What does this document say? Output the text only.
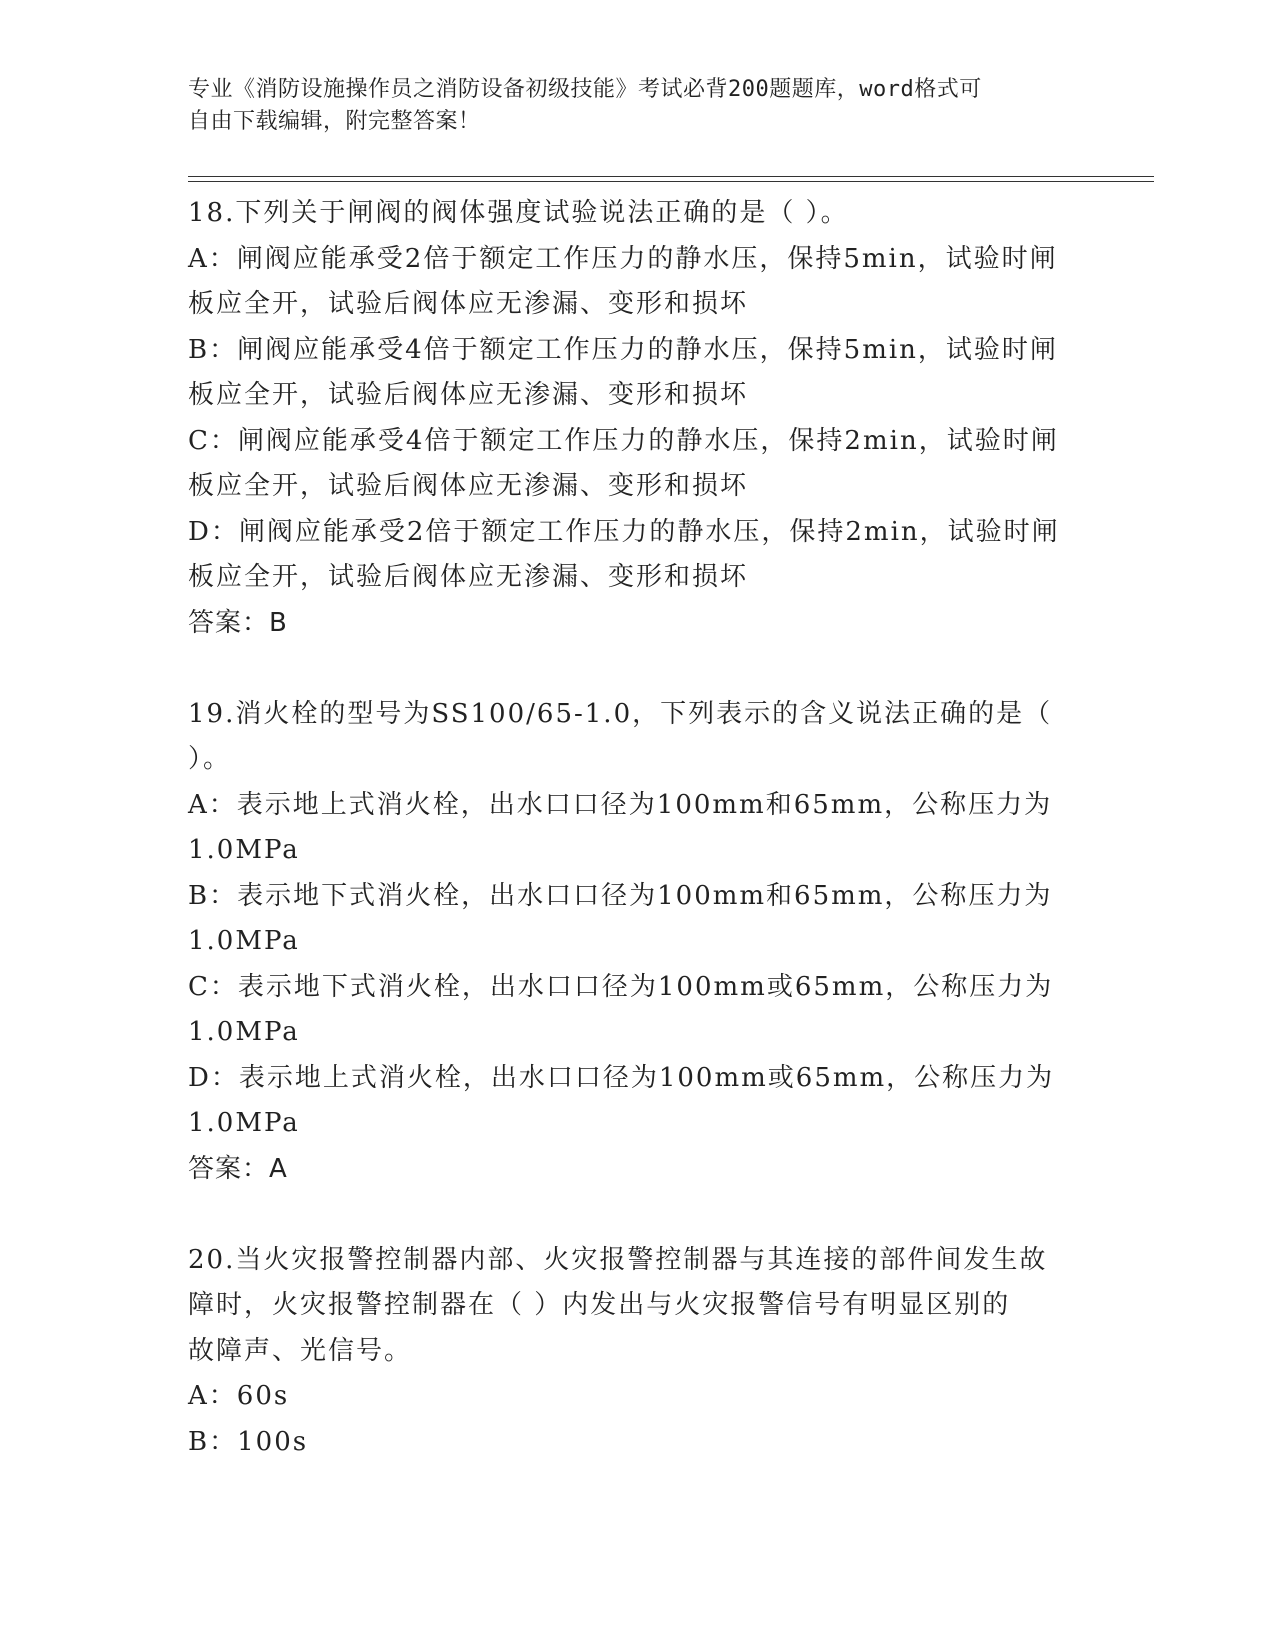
专业《消防设施操作员之消防设备初级技能》考试必背200题题库，word格式可
自由下载编辑，附完整答案！
18.下列关于闸阀的阀体强度试验说法正确的是（ ）。
A：闸阀应能承受2倍于额定工作压力的静水压，保持5min，试验时闸
板应全开，试验后阀体应无渗漏、变形和损坏
B：闸阀应能承受4倍于额定工作压力的静水压，保持5min，试验时闸
板应全开，试验后阀体应无渗漏、变形和损坏
C：闸阀应能承受4倍于额定工作压力的静水压，保持2min，试验时闸
板应全开，试验后阀体应无渗漏、变形和损坏
D：闸阀应能承受2倍于额定工作压力的静水压，保持2min，试验时闸
板应全开，试验后阀体应无渗漏、变形和损坏
答案：B
19.消火栓的型号为SS100/65-1.0，下列表示的含义说法正确的是（
）。
A：表示地上式消火栓，出水口口径为100mm和65mm，公称压力为
1.0MPa
B：表示地下式消火栓，出水口口径为100mm和65mm，公称压力为
1.0MPa
C：表示地下式消火栓，出水口口径为100mm或65mm，公称压力为
1.0MPa
D：表示地上式消火栓，出水口口径为100mm或65mm，公称压力为
1.0MPa
答案：A
20.当火灾报警控制器内部、火灾报警控制器与其连接的部件间发生故
障时，火灾报警控制器在（ ）内发出与火灾报警信号有明显区别的
故障声、光信号。
A：60s
B：100s
